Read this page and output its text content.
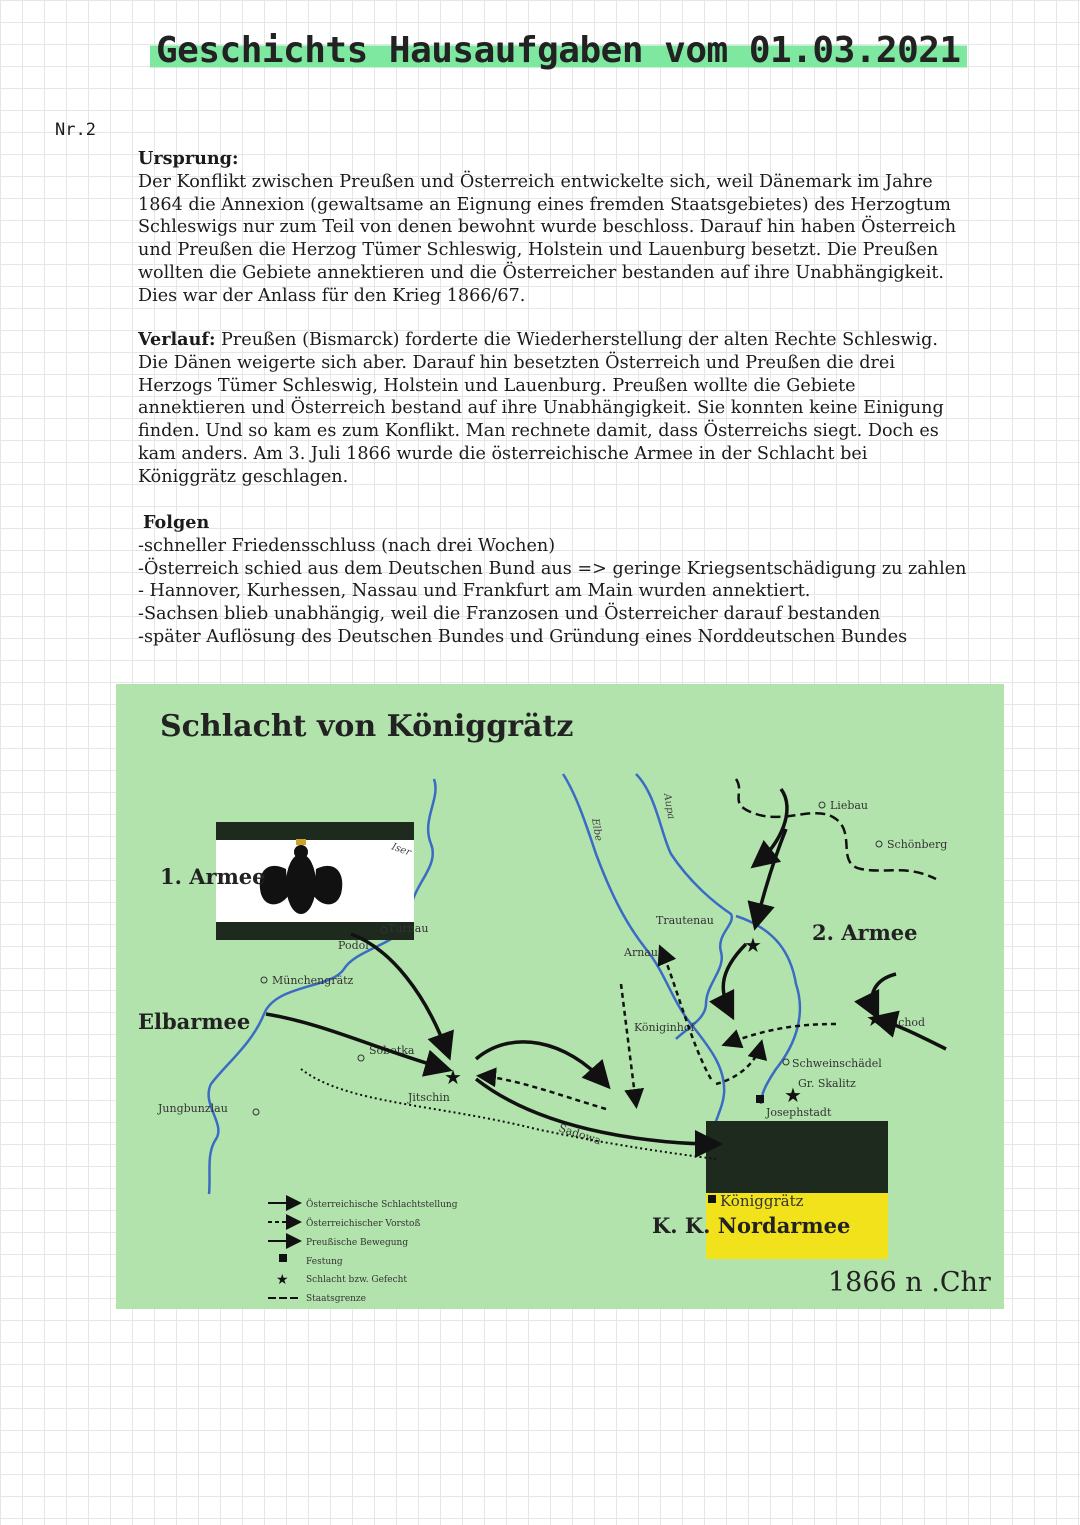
Geschichts Hausaufgaben vom 01.03.2021
Nr.2

Ursprung:

Der Konflikt zwischen Preußen und Österreich entwickelte sich, weil Dänemark im Jahre

1864 die Annexion (gewaltsame an Eignung eines fremden Staatsgebietes) des Herzogtum

Schleswigs nur zum Teil von denen bewohnt wurde beschloss. Darauf hin haben Österreich

und Preußen die Herzog Tümer Schleswig, Holstein und Lauenburg besetzt. Die Preußen

wollten die Gebiete annektieren und die Österreicher bestanden auf ihre Unabhängigkeit.

Dies war der Anlass für den Krieg 1866/67.

Verlauf: Preußen (Bismarck) forderte die Wiederherstellung der alten Rechte Schleswig.

Die Dänen weigerte sich aber. Darauf hin besetzten Österreich und Preußen die drei

Herzogs Tümer Schleswig, Holstein und Lauenburg. Preußen wollte die Gebiete

annektieren und Österreich bestand auf ihre Unabhängigkeit. Sie konnten keine Einigung

finden. Und so kam es zum Konflikt. Man rechnete damit, dass Österreichs siegt. Doch es

kam anders. Am 3. Juli 1866 wurde die österreichische Armee in der Schlacht bei

Königgrätz geschlagen.

Folgen

-schneller Friedensschluss (nach drei Wochen)

-Österreich schied aus dem Deutschen Bund aus => geringe Kriegsentschädigung zu zahlen

- Hannover, Kurhessen, Nassau und Frankfurt am Main wurden annektiert.

-Sachsen blieb unabhängig, weil die Franzosen und Österreicher darauf bestanden

-später Auflösung des Deutschen Bundes und Gründung eines Norddeutschen Bundes

Schlacht von Königgrätz
1. Armee
K. K. Nordarmee
Elbarmee
2. Armee
Iser
Elbe
Aupa	Liebau
Schönberg
Trautenau
Arnau
Turnau
Podol
Münchengrätz
Sobotka
Jitschin
Jungbunzlau
Sadowa
Königinhof	Nachod
Schweinschädel
Gr. Skalitz
Josephstadt
Königgrätz
★
★
★
★
Österreichische Schlachtstellung
Österreichischer Vorstoß
Preußische Bewegung
Festung
★ Schlacht bzw. Gefecht
Staatsgrenze
1866 n .Chr
